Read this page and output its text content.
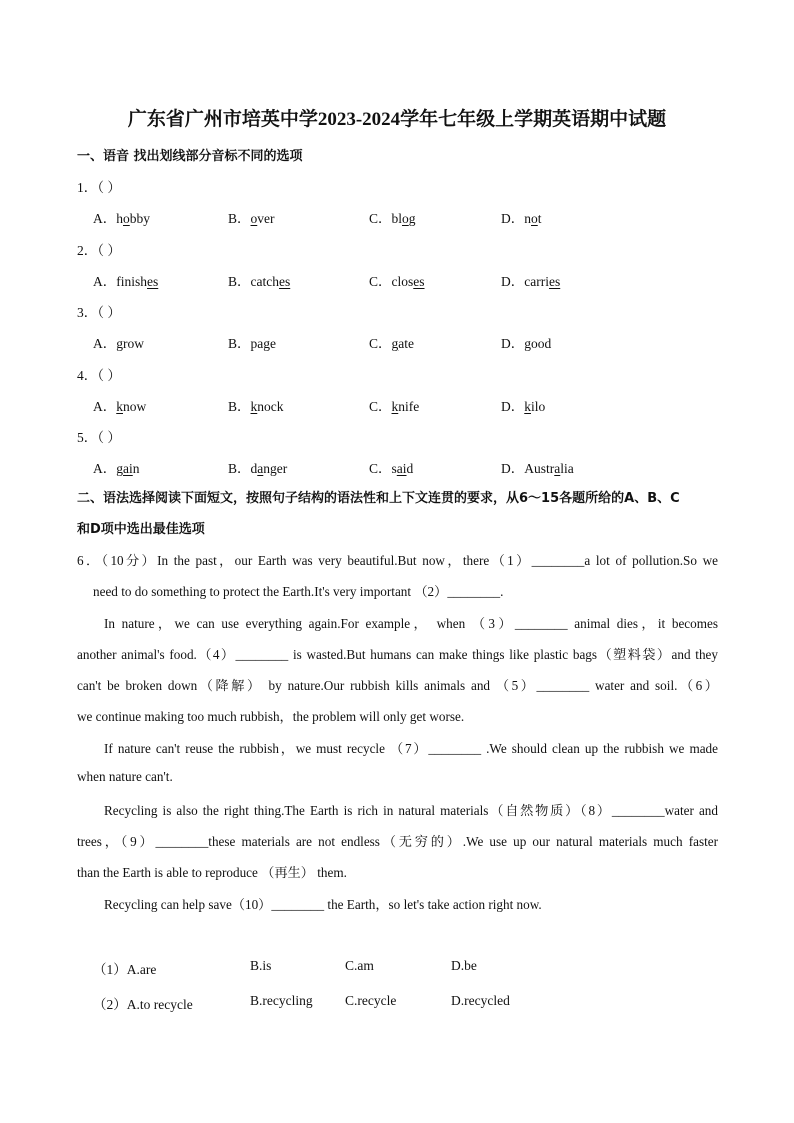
广东省广州市培英中学2023-2024学年七年级上学期英语期中试题
一、语音 找出划线部分音标不同的选项
1．（ ）
A．hobby	B．over	C．blog	D．not
2．（ ）
A．finishes	B．catches	C．closes	D．carries
3．（ ）
A．grow	B．page	C．gate	D．good
4．（ ）
A．know	B．knock	C．knife	D．kilo
5．（ ）
A．gain	B．danger	C．said	D．Australia
二、语法选择阅读下面短文，按照句子结构的语法性和上下文连贯的要求，从6～15各题所给的A、B、C
和D项中选出最佳选项
6．（10分）In the past，our Earth was very beautiful.But now，there（1）________a lot of pollution.So we
need to do something to protect the Earth.It's very important （2）________.
In nature，we can use everything again.For example， when （3）________ animal dies，it becomes
another animal's food.（4）________ is wasted.But humans can make things like plastic bags（塑料袋）and they
can't be broken down（降解） by nature.Our rubbish kills animals and （5）________ water and soil.（6）
we continue making too much rubbish，the problem will only get worse.
If nature can't reuse the rubbish，we must recycle （7）________ .We should clean up the rubbish we made
when nature can't.
Recycling is also the right thing.The Earth is rich in natural materials（自然物质）（8）________water and
trees，（9）________these materials are not endless（无穷的）.We use up our natural materials much faster
than the Earth is able to reproduce （再生） them.
Recycling can help save（10）________ the Earth，so let's take action right now.
（1）A.are	B.is	C.am	D.be
（2）A.to recycle	B.recycling C.recycle	D.recycled
